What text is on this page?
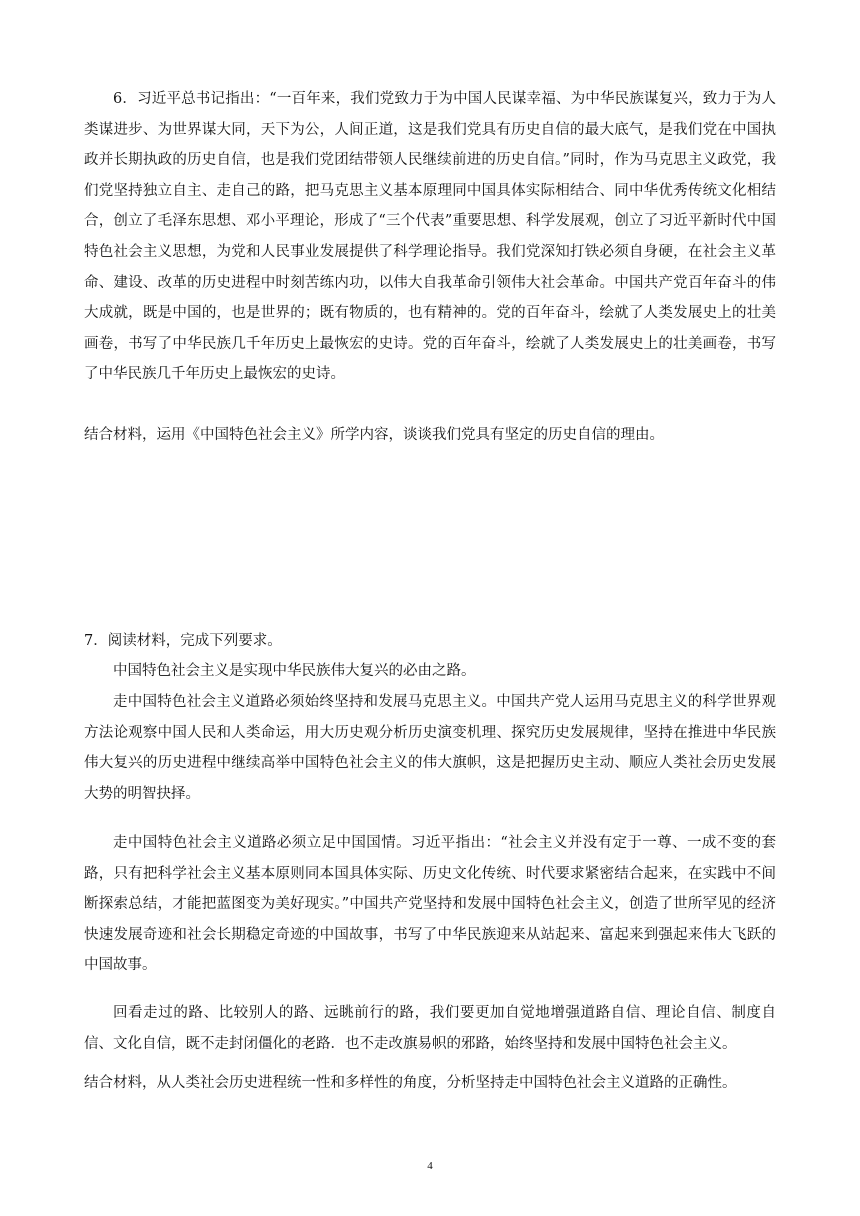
6．习近平总书记指出：“一百年来，我们党致力于为中国人民谋幸福、为中华民族谋复兴，致力于为人类谋进步、为世界谋大同，天下为公，人间正道，这是我们党具有历史自信的最大底气，是我们党在中国执政并长期执政的历史自信，也是我们党团结带领人民继续前进的历史自信。”同时，作为马克思主义政党，我们党坚持独立自主、走自己的路，把马克思主义基本原理同中国具体实际相结合、同中华优秀传统文化相结合，创立了毛泽东思想、邓小平理论，形成了“三个代表”重要思想、科学发展观，创立了习近平新时代中国特色社会主义思想，为党和人民事业发展提供了科学理论指导。我们党深知打铁必须自身硬，在社会主义革命、建设、改革的历史进程中时刻苦练内功，以伟大自我革命引领伟大社会革命。中国共产党百年奋斗的伟大成就，既是中国的，也是世界的；既有物质的，也有精神的。党的百年奋斗，绘就了人类发展史上的壮美画卷，书写了中华民族几千年历史上最恢宏的史诗。党的百年奋斗，绘就了人类发展史上的壮美画卷，书写了中华民族几千年历史上最恢宏的史诗。

结合材料，运用《中国特色社会主义》所学内容，谈谈我们党具有坚定的历史自信的理由。

7．阅读材料，完成下列要求。

中国特色社会主义是实现中华民族伟大复兴的必由之路。

走中国特色社会主义道路必须始终坚持和发展马克思主义。中国共产党人运用马克思主义的科学世界观方法论观察中国人民和人类命运，用大历史观分析历史演变机理、探究历史发展规律，坚持在推进中华民族伟大复兴的历史进程中继续高举中国特色社会主义的伟大旗帜，这是把握历史主动、顺应人类社会历史发展大势的明智抉择。

走中国特色社会主义道路必须立足中国国情。习近平指出：“社会主义并没有定于一尊、一成不变的套路，只有把科学社会主义基本原则同本国具体实际、历史文化传统、时代要求紧密结合起来，在实践中不间断探索总结，才能把蓝图变为美好现实。”中国共产党坚持和发展中国特色社会主义，创造了世所罕见的经济快速发展奇迹和社会长期稳定奇迹的中国故事，书写了中华民族迎来从站起来、富起来到强起来伟大飞跃的中国故事。

回看走过的路、比较别人的路、远眺前行的路，我们要更加自觉地增强道路自信、理论自信、制度自信、文化自信，既不走封闭僵化的老路．也不走改旗易帜的邪路，始终坚持和发展中国特色社会主义。

结合材料，从人类社会历史进程统一性和多样性的角度，分析坚持走中国特色社会主义道路的正确性。

4
